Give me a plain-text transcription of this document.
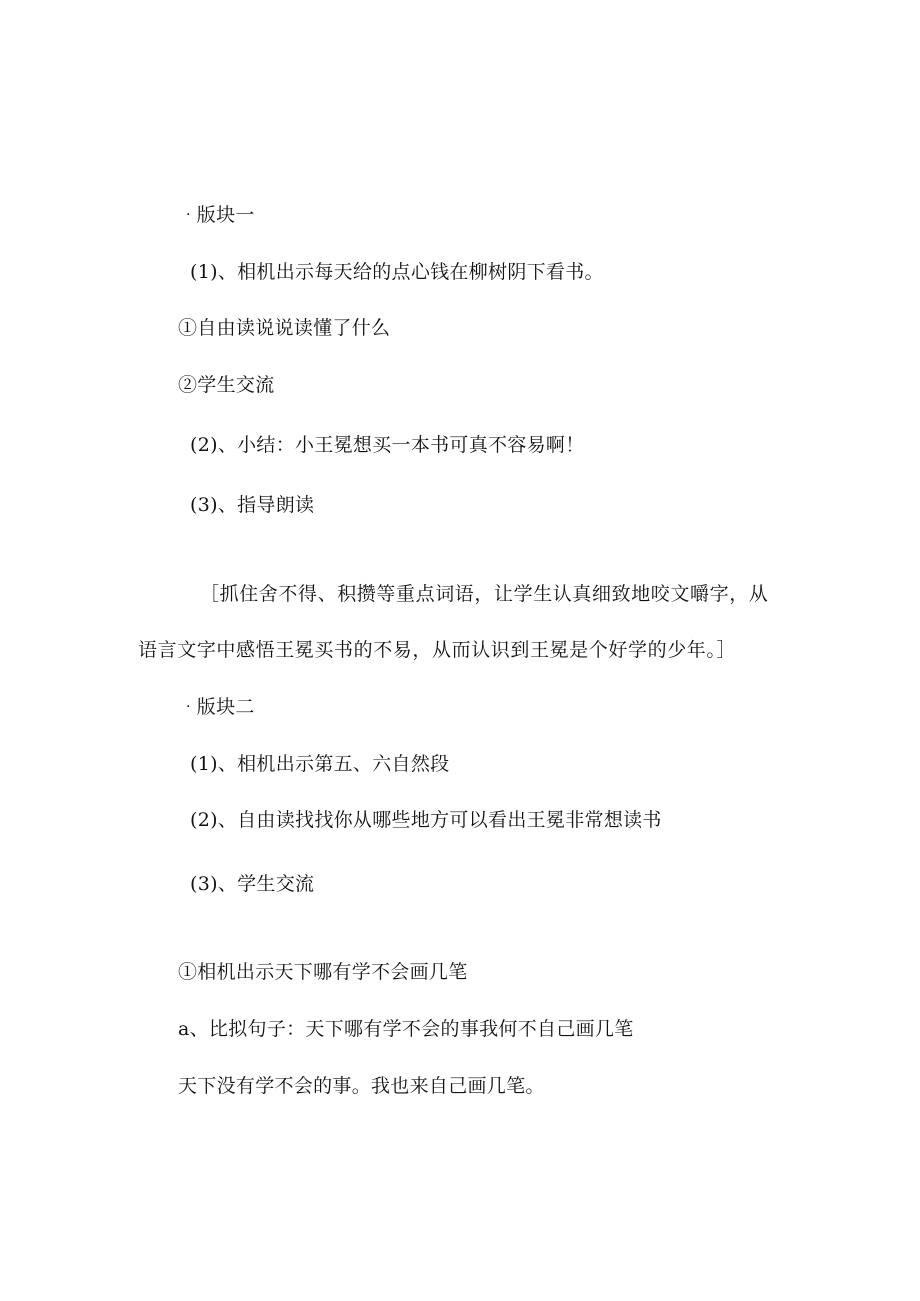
· 版块一
(1)、相机出示每天给的点心钱在柳树阴下看书。
①自由读说说读懂了什么
②学生交流
(2)、小结：小王冕想买一本书可真不容易啊！
(3)、指导朗读
［抓住舍不得、积攒等重点词语，让学生认真细致地咬文嚼字，从
语言文字中感悟王冕买书的不易，从而认识到王冕是个好学的少年。］
· 版块二
(1)、相机出示第五、六自然段
(2)、自由读找找你从哪些地方可以看出王冕非常想读书
(3)、学生交流
①相机出示天下哪有学不会画几笔
a、比拟句子：天下哪有学不会的事我何不自己画几笔
天下没有学不会的事。我也来自己画几笔。
